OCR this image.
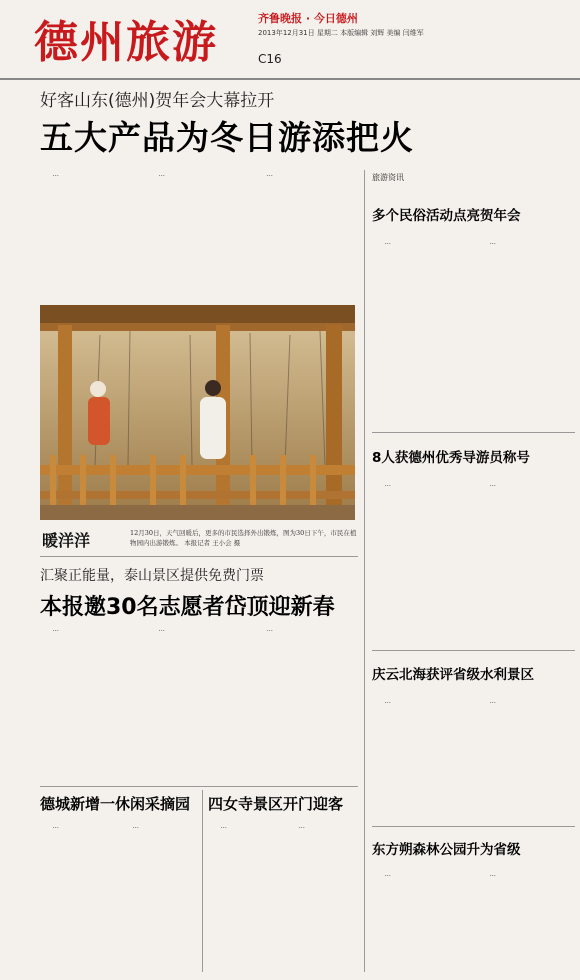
德州旅游	齐鲁晚报 · 今日德州
2013年12月31日 星期二 本版编辑 刘辉 美编 闫维军
C16
好客山东(德州)贺年会大幕拉开
五大产品为冬日游添把火

…	…	…

暖洋洋	12月30日，天气回暖后，更多的市民选择外出锻炼，图为30日下午，市民在植物园内出游锻炼。 本报记者 王小会 摄
汇聚正能量，泰山景区提供免费门票
本报邀30名志愿者岱顶迎新春

…	…	…

德城新增一休闲采摘园

…	…

四女寺景区开门迎客

…	…

旅游资讯
多个民俗活动点亮贺年会

…	…

8人获德州优秀导游员称号

…	…

庆云北海获评省级水利景区

…	…

东方朔森林公园升为省级

…	…
